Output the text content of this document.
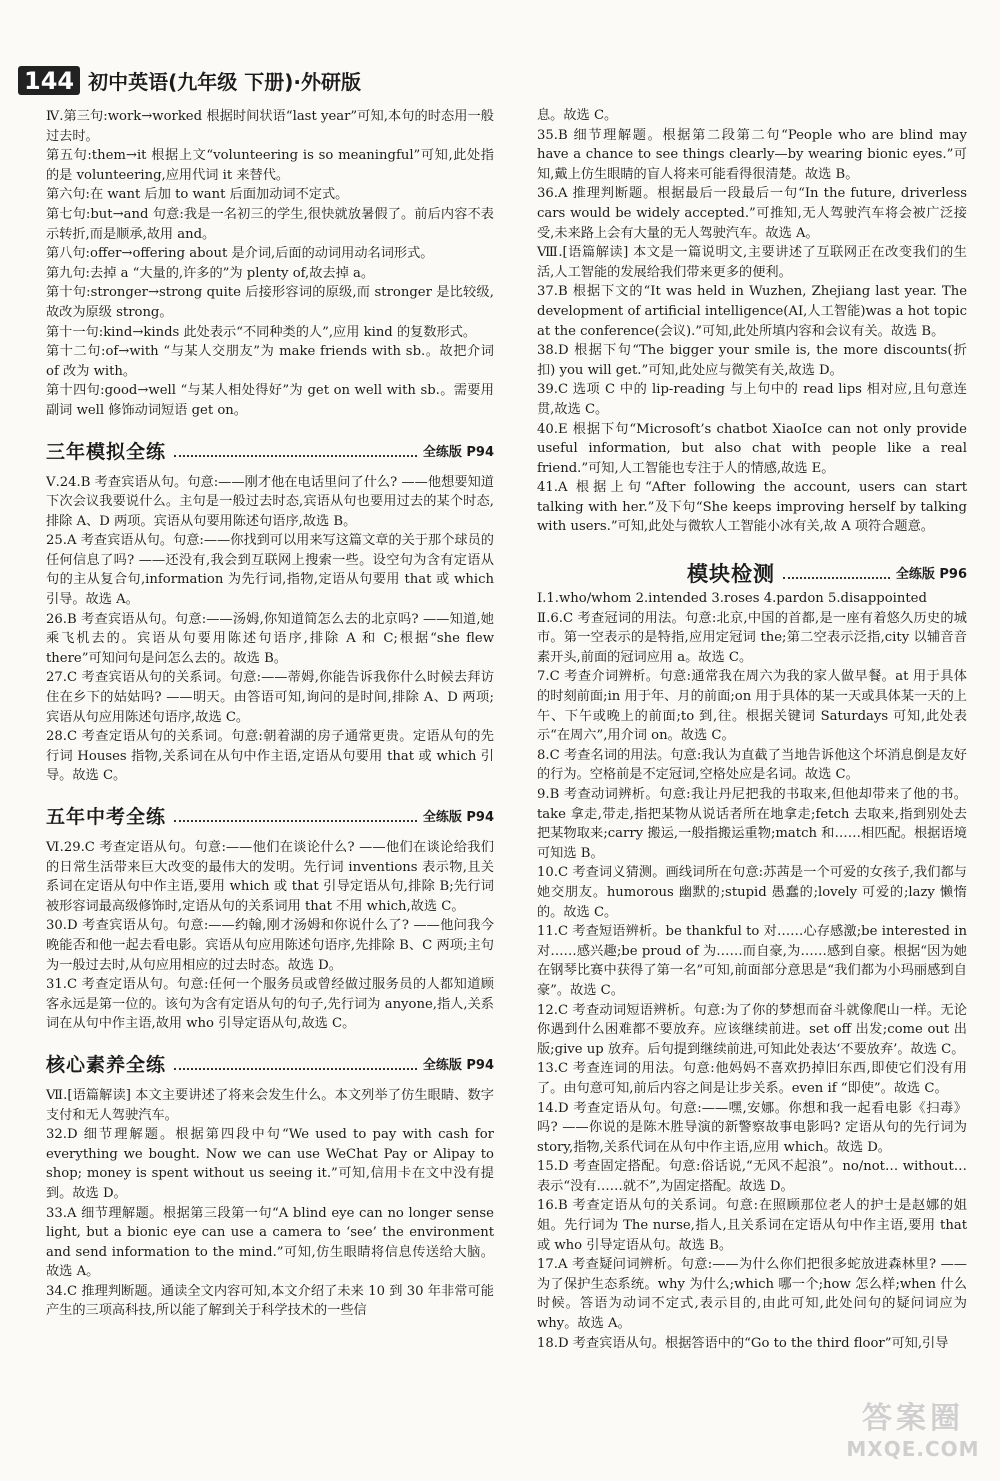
144 初中英语(九年级 下册)·外研版

Ⅳ.第三句:work→worked 根据时间状语“last year”可知,本句的时态用一般过去时。

第五句:them→it 根据上文“volunteering is so meaningful”可知,此处指的是 volunteering,应用代词 it 来替代。

第六句:在 want 后加 to want 后面加动词不定式。

第七句:but→and 句意:我是一名初三的学生,很快就放暑假了。前后内容不表示转折,而是顺承,故用 and。

第八句:offer→offering about 是介词,后面的动词用动名词形式。

第九句:去掉 a “大量的,许多的”为 plenty of,故去掉 a。

第十句:stronger→strong quite 后接形容词的原级,而 stronger 是比较级,故改为原级 strong。

第十一句:kind→kinds 此处表示“不同种类的人”,应用 kind 的复数形式。

第十二句:of→with “与某人交朋友”为 make friends with sb.。故把介词 of 改为 with。

第十四句:good→well “与某人相处得好”为 get on well with sb.。需要用副词 well 修饰动词短语 get on。

三年模拟全练	全练版 P94

Ⅴ.24.B 考查宾语从句。句意:——刚才他在电话里问了什么? ——他想要知道下次会议我要说什么。主句是一般过去时态,宾语从句也要用过去的某个时态,排除 A、D 两项。宾语从句要用陈述句语序,故选 B。

25.A 考查宾语从句。句意:——你找到可以用来写这篇文章的关于那个球员的任何信息了吗? ——还没有,我会到互联网上搜索一些。设空句为含有定语从句的主从复合句,information 为先行词,指物,定语从句要用 that 或 which 引导。故选 A。

26.B 考查宾语从句。句意:——汤姆,你知道简怎么去的北京吗? ——知道,她乘飞机去的。宾语从句要用陈述句语序,排除 A 和 C;根据“she flew there”可知问句是问怎么去的。故选 B。

27.C 考查宾语从句的关系词。句意:——蒂姆,你能告诉我你什么时候去拜访住在乡下的姑姑吗? ——明天。由答语可知,询问的是时间,排除 A、D 两项;宾语从句应用陈述句语序,故选 C。

28.C 考查定语从句的关系词。句意:朝着湖的房子通常更贵。定语从句的先行词 Houses 指物,关系词在从句中作主语,定语从句要用 that 或 which 引导。故选 C。

五年中考全练	全练版 P94

Ⅵ.29.C 考查定语从句。句意:——他们在谈论什么? ——他们在谈论给我们的日常生活带来巨大改变的最伟大的发明。先行词 inventions 表示物,且关系词在定语从句中作主语,要用 which 或 that 引导定语从句,排除 B;先行词被形容词最高级修饰时,定语从句的关系词用 that 不用 which,故选 C。

30.D 考查宾语从句。句意:——约翰,刚才汤姆和你说什么了? ——他问我今晚能否和他一起去看电影。宾语从句应用陈述句语序,先排除 B、C 两项;主句为一般过去时,从句应用相应的过去时态。故选 D。

31.C 考查定语从句。句意:任何一个服务员或曾经做过服务员的人都知道顾客永远是第一位的。该句为含有定语从句的句子,先行词为 anyone,指人,关系词在从句中作主语,故用 who 引导定语从句,故选 C。

核心素养全练	全练版 P94

Ⅶ.[语篇解读] 本文主要讲述了将来会发生什么。本文列举了仿生眼睛、数字支付和无人驾驶汽车。

32.D 细节理解题。根据第四段中句“We used to pay with cash for everything we bought. Now we can use WeChat Pay or Alipay to shop; money is spent without us seeing it.”可知,信用卡在文中没有提到。故选 D。

33.A 细节理解题。根据第三段第一句“A blind eye can no longer sense light, but a bionic eye can use a camera to ‘see’ the environment and send information to the mind.”可知,仿生眼睛将信息传送给大脑。故选 A。

34.C 推理判断题。通读全文内容可知,本文介绍了未来 10 到 30 年非常可能产生的三项高科技,所以能了解到关于科学技术的一些信

息。故选 C。

35.B 细节理解题。根据第二段第二句“People who are blind may have a chance to see things clearly—by wearing bionic eyes.”可知,戴上仿生眼睛的盲人将来可能看得很清楚。故选 B。

36.A 推理判断题。根据最后一段最后一句“In the future, driverless cars would be widely accepted.”可推知,无人驾驶汽车将会被广泛接受,未来路上会有大量的无人驾驶汽车。故选 A。

Ⅷ.[语篇解读] 本文是一篇说明文,主要讲述了互联网正在改变我们的生活,人工智能的发展给我们带来更多的便利。

37.B 根据下文的“It was held in Wuzhen, Zhejiang last year. The development of artificial intelligence(AI,人工智能)was a hot topic at the conference(会议).”可知,此处所填内容和会议有关。故选 B。

38.D 根据下句“The bigger your smile is, the more discounts(折扣) you will get.”可知,此处应与微笑有关,故选 D。

39.C 选项 C 中的 lip-reading 与上句中的 read lips 相对应,且句意连贯,故选 C。

40.E 根据下句“Microsoft’s chatbot XiaoIce can not only provide useful information, but also chat with people like a real friend.”可知,人工智能也专注于人的情感,故选 E。

41.A 根据上句“After following the account, users can start talking with her.”及下句“She keeps improving herself by talking with users.”可知,此处与微软人工智能小冰有关,故 A 项符合题意。

模块检测	全练版 P96

Ⅰ.1.who/whom 2.intended 3.roses 4.pardon 5.disappointed

Ⅱ.6.C 考查冠词的用法。句意:北京,中国的首都,是一座有着悠久历史的城市。第一空表示的是特指,应用定冠词 the;第二空表示泛指,city 以辅音音素开头,前面的冠词应用 a。故选 C。

7.C 考查介词辨析。句意:通常我在周六为我的家人做早餐。at 用于具体的时刻前面;in 用于年、月的前面;on 用于具体的某一天或具体某一天的上午、下午或晚上的前面;to 到,往。根据关键词 Saturdays 可知,此处表示“在周六”,用介词 on。故选 C。

8.C 考查名词的用法。句意:我认为直截了当地告诉他这个坏消息倒是友好的行为。空格前是不定冠词,空格处应是名词。故选 C。

9.B 考查动词辨析。句意:我让丹尼把我的书取来,但他却带来了他的书。take 拿走,带走,指把某物从说话者所在地拿走;fetch 去取来,指到别处去把某物取来;carry 搬运,一般指搬运重物;match 和……相匹配。根据语境可知选 B。

10.C 考查词义猜测。画线词所在句意:苏茜是一个可爱的女孩子,我们都与她交朋友。humorous 幽默的;stupid 愚蠢的;lovely 可爱的;lazy 懒惰的。故选 C。

11.C 考查短语辨析。be thankful to 对……心存感激;be interested in 对……感兴趣;be proud of 为……而自豪,为……感到自豪。根据“因为她在钢琴比赛中获得了第一名”可知,前面部分意思是“我们都为小玛丽感到自豪”。故选 C。

12.C 考查动词短语辨析。句意:为了你的梦想而奋斗就像爬山一样。无论你遇到什么困难都不要放弃。应该继续前进。set off 出发;come out 出版;give up 放弃。后句提到继续前进,可知此处表达‘不要放弃’。故选 C。

13.C 考查连词的用法。句意:他妈妈不喜欢扔掉旧东西,即使它们没有用了。由句意可知,前后内容之间是让步关系。even if “即使”。故选 C。

14.D 考查定语从句。句意:——嘿,安娜。你想和我一起看电影《扫毒》吗? ——你说的是陈木胜导演的新警察故事电影吗? 定语从句的先行词为 story,指物,关系代词在从句中作主语,应用 which。故选 D。

15.D 考查固定搭配。句意:俗话说,“无风不起浪”。no/not… without… 表示“没有……就不”,为固定搭配。故选 D。

16.B 考查定语从句的关系词。句意:在照顾那位老人的护士是赵娜的姐姐。先行词为 The nurse,指人,且关系词在定语从句中作主语,要用 that 或 who 引导定语从句。故选 B。

17.A 考查疑问词辨析。句意:——为什么你们把很多蛇放进森林里? ——为了保护生态系统。why 为什么;which 哪一个;how 怎么样;when 什么时候。答语为动词不定式,表示目的,由此可知,此处问句的疑问词应为 why。故选 A。

18.D 考查宾语从句。根据答语中的“Go to the third floor”可知,引导

答案圈
MXQE.COM
